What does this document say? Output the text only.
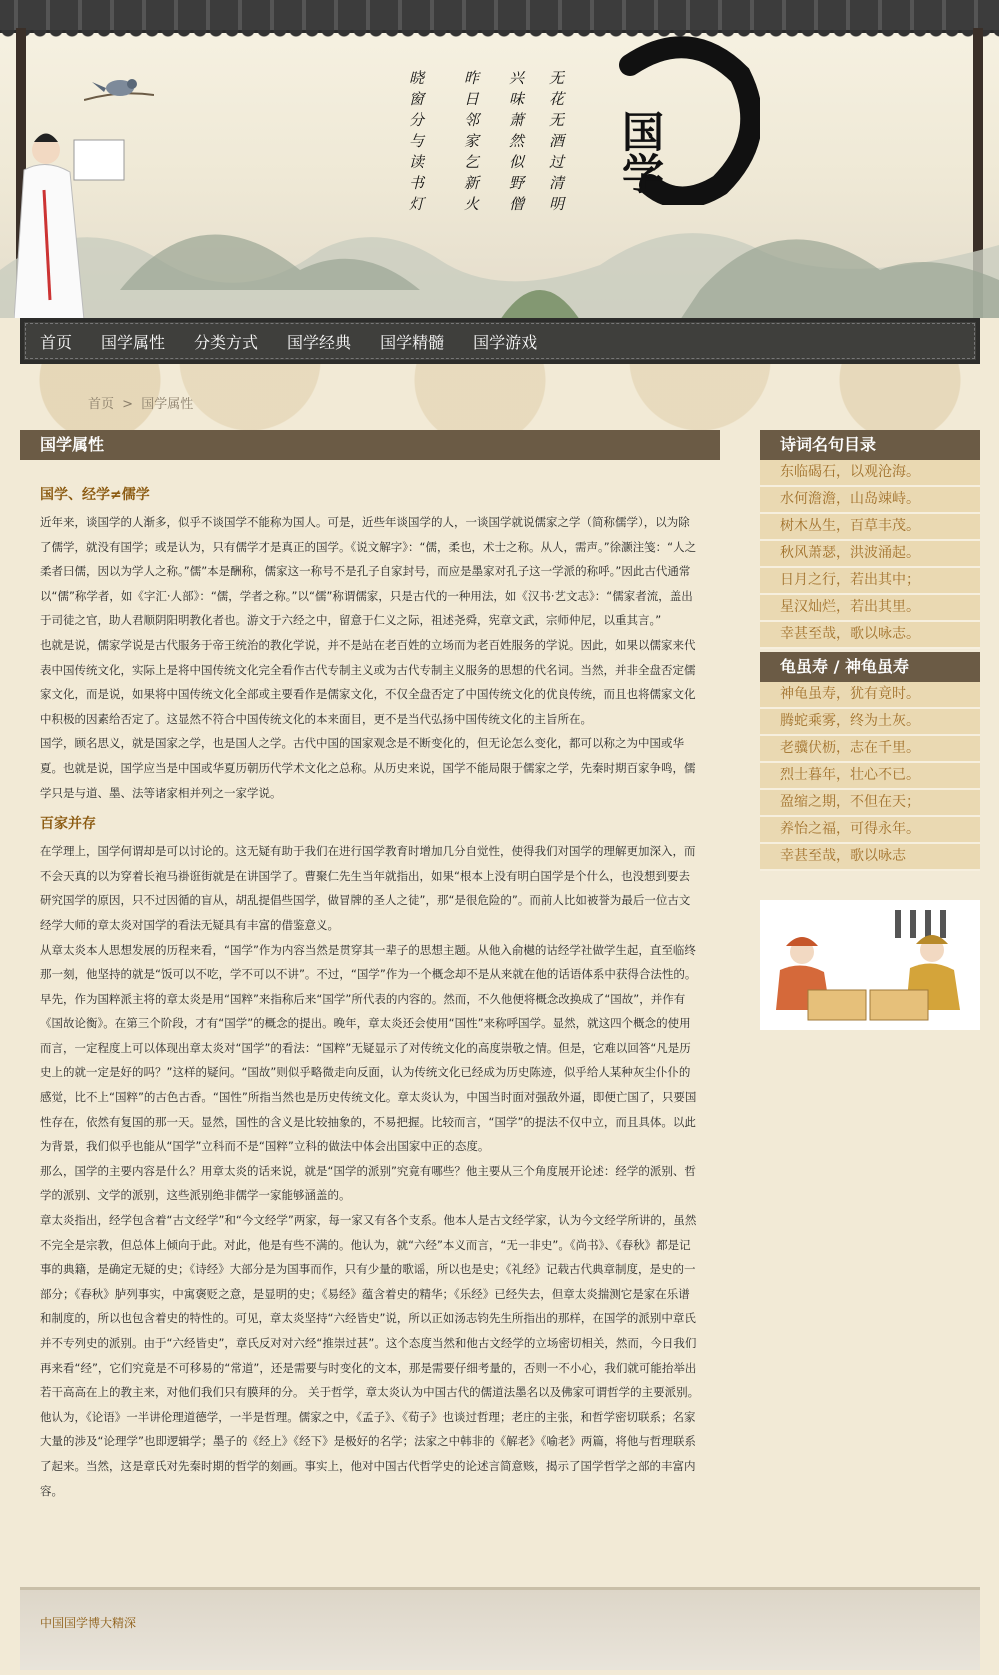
无花无酒过清明
兴味萧然似野僧
昨日邻家乞新火
晓窗分与读书灯	国学
首页 国学属性 分类方式 国学经典 国学精髓 国学游戏
首页 > 国学属性
国学属性
国学、经学≠儒学

近年来，谈国学的人渐多，似乎不谈国学不能称为国人。可是，近些年谈国学的人，一谈国学就说儒家之学（简称儒学），以为除了儒学，就没有国学；或是认为，只有儒学才是真正的国学。《说文解字》：“儒，柔也，术士之称。从人，需声。”徐灏注笺：“人之柔者曰儒，因以为学人之称。”儒”本是酬称，儒家这一称号不是孔子自家封号，而应是墨家对孔子这一学派的称呼。”因此古代通常以“儒”称学者，如《字汇·人部》：“儒，学者之称。”以“儒”称谓儒家，只是古代的一种用法，如《汉书·艺文志》：“儒家者流，盖出于司徒之官，助人君顺阴阳明教化者也。游文于六经之中，留意于仁义之际，祖述尧舜，宪章文武，宗师仲尼，以重其言。”

也就是说，儒家学说是古代服务于帝王统治的教化学说，并不是站在老百姓的立场而为老百姓服务的学说。因此，如果以儒家来代表中国传统文化，实际上是将中国传统文化完全看作古代专制主义或为古代专制主义服务的思想的代名词。当然，并非全盘否定儒家文化，而是说，如果将中国传统文化全部或主要看作是儒家文化，不仅全盘否定了中国传统文化的优良传统，而且也将儒家文化中积极的因素给否定了。这显然不符合中国传统文化的本来面目，更不是当代弘扬中国传统文化的主旨所在。

国学，顾名思义，就是国家之学，也是国人之学。古代中国的国家观念是不断变化的，但无论怎么变化，都可以称之为中国或华夏。也就是说，国学应当是中国或华夏历朝历代学术文化之总称。从历史来说，国学不能局限于儒家之学，先秦时期百家争鸣，儒学只是与道、墨、法等诸家相并列之一家学说。

百家并存

在学理上，国学何谓却是可以讨论的。这无疑有助于我们在进行国学教育时增加几分自觉性，使得我们对国学的理解更加深入，而不会天真的以为穿着长袍马褂诳街就是在讲国学了。曹聚仁先生当年就指出，如果“根本上没有明白国学是个什么，也没想到要去研究国学的原因，只不过因循的盲从，胡乱提倡些国学，做冒牌的圣人之徒”，那“是很危险的”。而前人比如被誉为最后一位古文经学大师的章太炎对国学的看法无疑具有丰富的借鉴意义。

从章太炎本人思想发展的历程来看，“国学”作为内容当然是贯穿其一辈子的思想主题。从他入俞樾的诂经学社做学生起，直至临终那一刻，他坚持的就是“饭可以不吃，学不可以不讲”。不过，“国学”作为一个概念却不是从来就在他的话语体系中获得合法性的。早先，作为国粹派主将的章太炎是用“国粹”来指称后来“国学”所代表的内容的。然而，不久他便将概念改换成了“国故”，并作有《国故论衡》。在第三个阶段，才有“国学”的概念的提出。晚年，章太炎还会使用“国性”来称呼国学。显然，就这四个概念的使用而言，一定程度上可以体现出章太炎对“国学”的看法：“国粹”无疑显示了对传统文化的高度崇敬之情。但是，它难以回答“凡是历史上的就一定是好的吗？”这样的疑问。“国故”则似乎略微走向反面，认为传统文化已经成为历史陈迹，似乎给人某种灰尘仆仆的感觉，比不上“国粹”的古色古香。“国性”所指当然也是历史传统文化。章太炎认为，中国当时面对强敌外逼，即便亡国了，只要国性存在，依然有复国的那一天。显然，国性的含义是比较抽象的，不易把握。比较而言，“国学”的提法不仅中立，而且具体。以此为背景，我们似乎也能从“国学”立科而不是“国粹”立科的做法中体会出国家中正的态度。

那么，国学的主要内容是什么？用章太炎的话来说，就是“国学的派别”究竟有哪些？他主要从三个角度展开论述：经学的派别、哲学的派别、文学的派别，这些派别绝非儒学一家能够涵盖的。

章太炎指出，经学包含着“古文经学”和“今文经学”两家，每一家又有各个支系。他本人是古文经学家，认为今文经学所讲的，虽然不完全是宗教，但总体上倾向于此。对此，他是有些不满的。他认为，就“六经”本义而言，“无一非史”。《尚书》、《春秋》都是记事的典籍，是确定无疑的史；《诗经》大部分是为国事而作，只有少量的歌谣，所以也是史；《礼经》记载古代典章制度，是史的一部分；《春秋》胪列事实，中寓褒贬之意，是显明的史；《易经》蕴含着史的精华；《乐经》已经失去，但章太炎揣测它是家在乐谱和制度的，所以也包含着史的特性的。可见，章太炎坚持“六经皆史”说，所以正如汤志钧先生所指出的那样，在国学的派别中章氏并不专列史的派别。由于“六经皆史”，章氏反对对六经“推崇过甚”。这个态度当然和他古文经学的立场密切相关，然而，今日我们再来看“经”，它们究竟是不可移易的“常道”，还是需要与时变化的文本，那是需要仔细考量的，否则一不小心，我们就可能抬举出若干高高在上的教主来，对他们我们只有膜拜的分。 关于哲学，章太炎认为中国古代的儒道法墨名以及佛家可谓哲学的主要派别。他认为，《论语》一半讲伦理道德学，一半是哲理。儒家之中，《孟子》、《荀子》也谈过哲理；老庄的主张，和哲学密切联系；名家大量的涉及“论理学”也即逻辑学；墨子的《经上》《经下》是极好的名学；法家之中韩非的《解老》《喻老》两篇，将他与哲理联系了起来。当然，这是章氏对先秦时期的哲学的刻画。事实上，他对中国古代哲学史的论述言简意赅，揭示了国学哲学之部的丰富内容。

诗词名句目录
东临碣石，以观沧海。
水何澹澹，山岛竦峙。
树木丛生，百草丰茂。
秋风萧瑟，洪波涌起。
日月之行，若出其中；
星汉灿烂，若出其里。
幸甚至哉，歌以咏志。
龟虽寿 / 神龟虽寿
神龟虽寿，犹有竟时。
腾蛇乘雾，终为土灰。
老骥伏枥，志在千里。
烈士暮年，壮心不已。
盈缩之期，不但在天；
养怡之福，可得永年。
幸甚至哉，歌以咏志
中国国学博大精深
